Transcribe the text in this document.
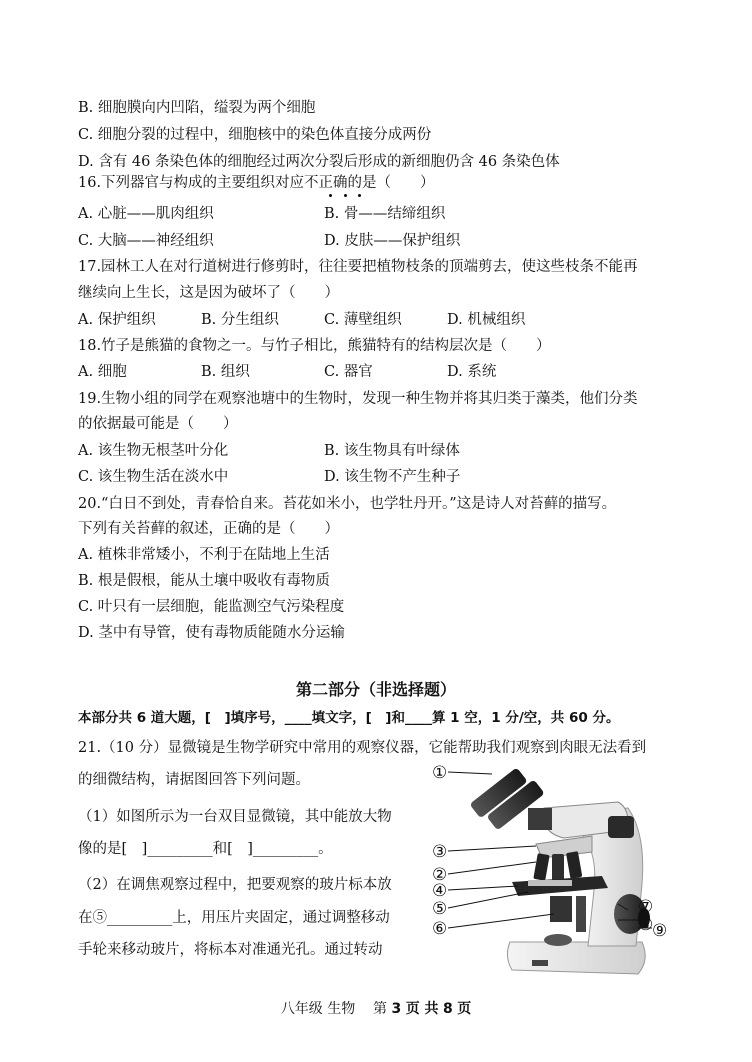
B. 细胞膜向内凹陷，缢裂为两个细胞
C. 细胞分裂的过程中，细胞核中的染色体直接分成两份
D. 含有 46 条染色体的细胞经过两次分裂后形成的新细胞仍含 46 条染色体
16.下列器官与构成的主要组织对应不正确的是（　　）
A. 心脏——肌肉组织	B. 骨——结缔组织
C. 大脑——神经组织	D. 皮肤——保护组织
17.园林工人在对行道树进行修剪时，往往要把植物枝条的顶端剪去，使这些枝条不能再
继续向上生长，这是因为破坏了（　　）
A. 保护组织	B. 分生组织	C. 薄壁组织	D. 机械组织
18.竹子是熊猫的食物之一。与竹子相比，熊猫特有的结构层次是（　　）
A. 细胞	B. 组织	C. 器官	D. 系统
19.生物小组的同学在观察池塘中的生物时，发现一种生物并将其归类于藻类，他们分类
的依据最可能是（　　）
A. 该生物无根茎叶分化	B. 该生物具有叶绿体
C. 该生物生活在淡水中	D. 该生物不产生种子
20.“白日不到处，青春恰自来。苔花如米小，也学牡丹开。”这是诗人对苔藓的描写。
下列有关苔藓的叙述，正确的是（　　）
A. 植株非常矮小，不利于在陆地上生活
B. 根是假根，能从土壤中吸收有毒物质
C. 叶只有一层细胞，能监测空气污染程度
D. 茎中有导管，使有毒物质能随水分运输
第二部分（非选择题）
本部分共 6 道大题，[　]填序号，____填文字，[　]和____算 1 空，1 分/空，共 60 分。
21.（10 分）显微镜是生物学研究中常用的观察仪器，它能帮助我们观察到肉眼无法看到
的细微结构，请据图回答下列问题。
（1）如图所示为一台双目显微镜，其中能放大物
像的是[　]_________和[　]_________。
（2）在调焦观察过程中，把要观察的玻片标本放
在⑤_________上，用压片夹固定，通过调整移动
手轮来移动玻片，将标本对准通光孔。通过转动
①
③
②
④
⑤
⑥
⑦
⑧
⑨
八年级 生物 第 3 页 共 8 页
